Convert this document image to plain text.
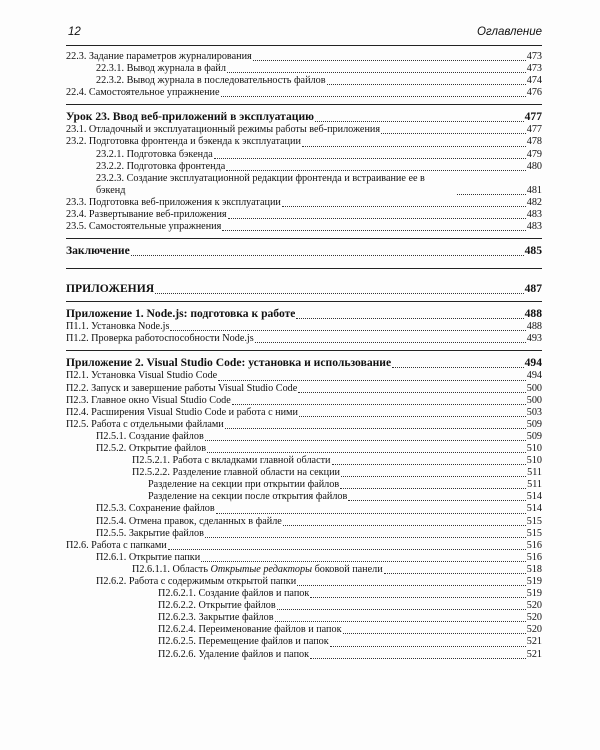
12	Оглавление
22.3. Задание параметров журналирования	473
22.3.1. Вывод журнала в файл	473
22.3.2. Вывод журнала в последовательность файлов	474
22.4. Самостоятельное упражнение	476
Урок 23. Ввод веб-приложений в эксплуатацию	477
23.1. Отладочный и эксплуатационный режимы работы веб-приложения	477
23.2. Подготовка фронтенда и бэкенда к эксплуатации	478
23.2.1. Подготовка бэкенда	479
23.2.2. Подготовка фронтенда	480
23.2.3. Создание эксплуатационной редакции фронтенда и встраивание ее в бэкенд	481
23.3. Подготовка веб-приложения к эксплуатации	482
23.4. Развертывание веб-приложения	483
23.5. Самостоятельные упражнения	483
Заключение	485
ПРИЛОЖЕНИЯ	487
Приложение 1. Node.js: подготовка к работе	488
П1.1. Установка Node.js	488
П1.2. Проверка работоспособности Node.js	493
Приложение 2. Visual Studio Code: установка и использование	494
П2.1. Установка Visual Studio Code	494
П2.2. Запуск и завершение работы Visual Studio Code	500
П2.3. Главное окно Visual Studio Code	500
П2.4. Расширения Visual Studio Code и работа с ними	503
П2.5. Работа с отдельными файлами	509
П2.5.1. Создание файлов	509
П2.5.2. Открытие файлов	510
П2.5.2.1. Работа с вкладками главной области	510
П2.5.2.2. Разделение главной области на секции	511
Разделение на секции при открытии файлов	511
Разделение на секции после открытия файлов	514
П2.5.3. Сохранение файлов	514
П2.5.4. Отмена правок, сделанных в файле	515
П2.5.5. Закрытие файлов	515
П2.6. Работа с папками	516
П2.6.1. Открытие папки	516
П2.6.1.1. Область Открытые редакторы боковой панели	518
П2.6.2. Работа с содержимым открытой папки	519
П2.6.2.1. Создание файлов и папок	519
П2.6.2.2. Открытие файлов	520
П2.6.2.3. Закрытие файлов	520
П2.6.2.4. Переименование файлов и папок	520
П2.6.2.5. Перемещение файлов и папок	521
П2.6.2.6. Удаление файлов и папок	521
